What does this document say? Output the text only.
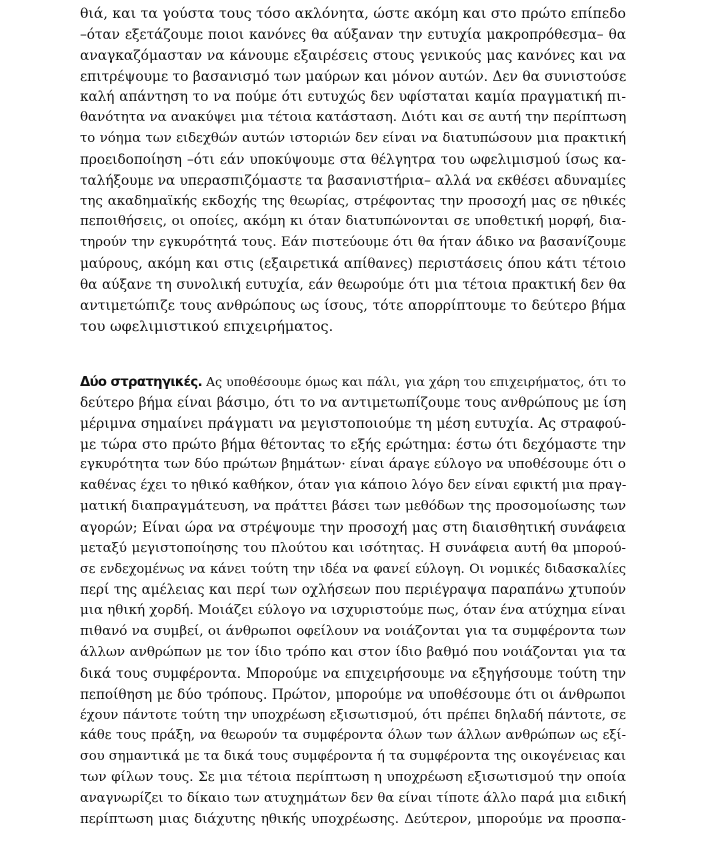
θιά, και τα γούστα τους τόσο ακλόνητα, ώστε ακόμη και στο πρώτο επίπεδο
–όταν εξετάζουμε ποιοι κανόνες θα αύξαναν την ευτυχία μακροπρόθεσμα– θα
αναγκαζόμασταν να κάνουμε εξαιρέσεις στους γενικούς μας κανόνες και να
επιτρέψουμε το βασανισμό των μαύρων και μόνον αυτών. Δεν θα συνιστούσε
καλή απάντηση το να πούμε ότι ευτυχώς δεν υφίσταται καμία πραγματική πι-
θανότητα να ανακύψει μια τέτοια κατάσταση. Διότι και σε αυτή την περίπτωση
το νόημα των ειδεχθών αυτών ιστοριών δεν είναι να διατυπώσουν μια πρακτική
προειδοποίηση –ότι εάν υποκύψουμε στα θέλγητρα του ωφελιμισμού ίσως κα-
ταλήξουμε να υπερασπιζόμαστε τα βασανιστήρια– αλλά να εκθέσει αδυναμίες
της ακαδημαϊκής εκδοχής της θεωρίας, στρέφοντας την προσοχή μας σε ηθικές
πεποιθήσεις, οι οποίες, ακόμη κι όταν διατυπώνονται σε υποθετική μορφή, δια-
τηρούν την εγκυρότητά τους. Εάν πιστεύουμε ότι θα ήταν άδικο να βασανίζουμε
μαύρους, ακόμη και στις (εξαιρετικά απίθανες) περιστάσεις όπου κάτι τέτοιο
θα αύξανε τη συνολική ευτυχία, εάν θεωρούμε ότι μια τέτοια πρακτική δεν θα
αντιμετώπιζε τους ανθρώπους ως ίσους, τότε απορρίπτουμε το δεύτερο βήμα
του ωφελιμιστικού επιχειρήματος.
Δύο στρατηγικές. Ας υποθέσουμε όμως και πάλι, για χάρη του επιχειρήματος, ότι το
δεύτερο βήμα είναι βάσιμο, ότι το να αντιμετωπίζουμε τους ανθρώπους με ίση
μέριμνα σημαίνει πράγματι να μεγιστοποιούμε τη μέση ευτυχία. Ας στραφού-
με τώρα στο πρώτο βήμα θέτοντας το εξής ερώτημα: έστω ότι δεχόμαστε την
εγκυρότητα των δύο πρώτων βημάτων· είναι άραγε εύλογο να υποθέσουμε ότι ο
καθένας έχει το ηθικό καθήκον, όταν για κάποιο λόγο δεν είναι εφικτή μια πραγ-
ματική διαπραγμάτευση, να πράττει βάσει των μεθόδων της προσομοίωσης των
αγορών; Είναι ώρα να στρέψουμε την προσοχή μας στη διαισθητική συνάφεια
μεταξύ μεγιστοποίησης του πλούτου και ισότητας. Η συνάφεια αυτή θα μπορού-
σε ενδεχομένως να κάνει τούτη την ιδέα να φανεί εύλογη. Οι νομικές διδασκαλίες
περί της αμέλειας και περί των οχλήσεων που περιέγραψα παραπάνω χτυπούν
μια ηθική χορδή. Μοιάζει εύλογο να ισχυριστούμε πως, όταν ένα ατύχημα είναι
πιθανό να συμβεί, οι άνθρωποι οφείλουν να νοιάζονται για τα συμφέροντα των
άλλων ανθρώπων με τον ίδιο τρόπο και στον ίδιο βαθμό που νοιάζονται για τα
δικά τους συμφέροντα. Μπορούμε να επιχειρήσουμε να εξηγήσουμε τούτη την
πεποίθηση με δύο τρόπους. Πρώτον, μπορούμε να υποθέσουμε ότι οι άνθρωποι
έχουν πάντοτε τούτη την υποχρέωση εξισωτισμού, ότι πρέπει δηλαδή πάντοτε, σε
κάθε τους πράξη, να θεωρούν τα συμφέροντα όλων των άλλων ανθρώπων ως εξί-
σου σημαντικά με τα δικά τους συμφέροντα ή τα συμφέροντα της οικογένειας και
των φίλων τους. Σε μια τέτοια περίπτωση η υποχρέωση εξισωτισμού την οποία
αναγνωρίζει το δίκαιο των ατυχημάτων δεν θα είναι τίποτε άλλο παρά μια ειδική
περίπτωση μιας διάχυτης ηθικής υποχρέωσης. Δεύτερον, μπορούμε να προσπα-
